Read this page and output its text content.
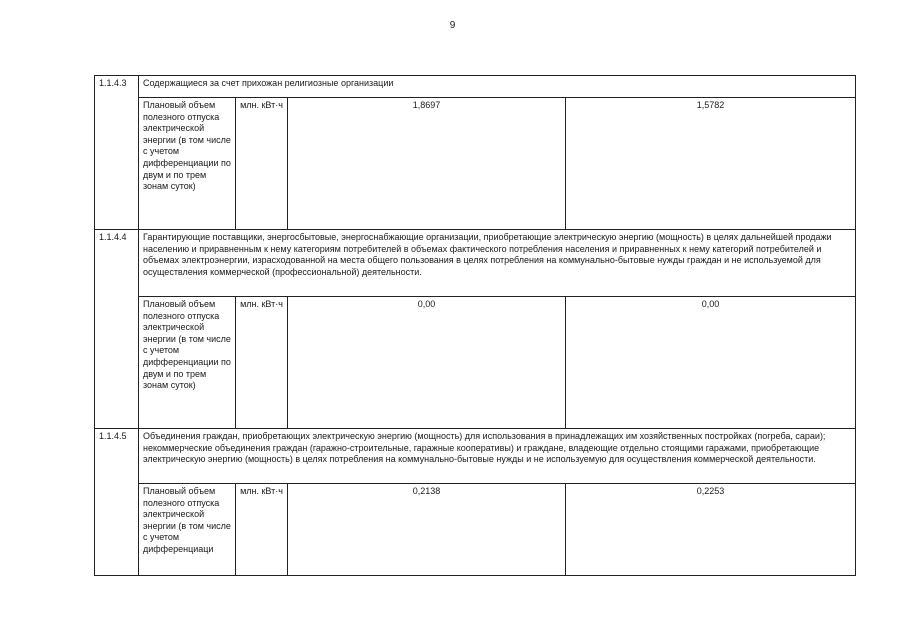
9
1.1.4.3	Содержащиеся за счет прихожан религиозные организации			
	Плановый объем полезного отпуска электрической энергии (в том числе с учетом дифференциации по двум и по трем зонам суток)	млн. кВт·ч	1,8697	1,5782
1.1.4.4	Гарантирующие поставщики, энергосбытовые, энергоснабжающие организации, приобретающие электрическую энергию (мощность) в целях дальнейшей продажи населению и приравненным к нему категориям потребителей в объемах фактического потребления населения и приравненных к нему категорий потребителей и объемах электроэнергии, израсходованной на места общего пользования в целях потребления на коммунально-бытовые нужды граждан и не используемой для осуществления коммерческой (профессиональной) деятельности.			
	Плановый объем полезного отпуска электрической энергии (в том числе с учетом дифференциации по двум и по трем зонам суток)	млн. кВт·ч	0,00	0,00
1.1.4.5	Объединения граждан, приобретающих электрическую энергию (мощность) для использования в принадлежащих им хозяйственных постройках (погреба, сараи); некоммерческие объединения граждан (гаражно-строительные, гаражные кооперативы) и граждане, владеющие отдельно стоящими гаражами, приобретающие электрическую энергию (мощность) в целях потребления на коммунально-бытовые нужды и не используемую для осуществления коммерческой деятельности.			

	Плановый объем полезного отпуска электрической энергии (в том числе с учетом дифференциаци	млн. кВт·ч	0,2138	0,2253
